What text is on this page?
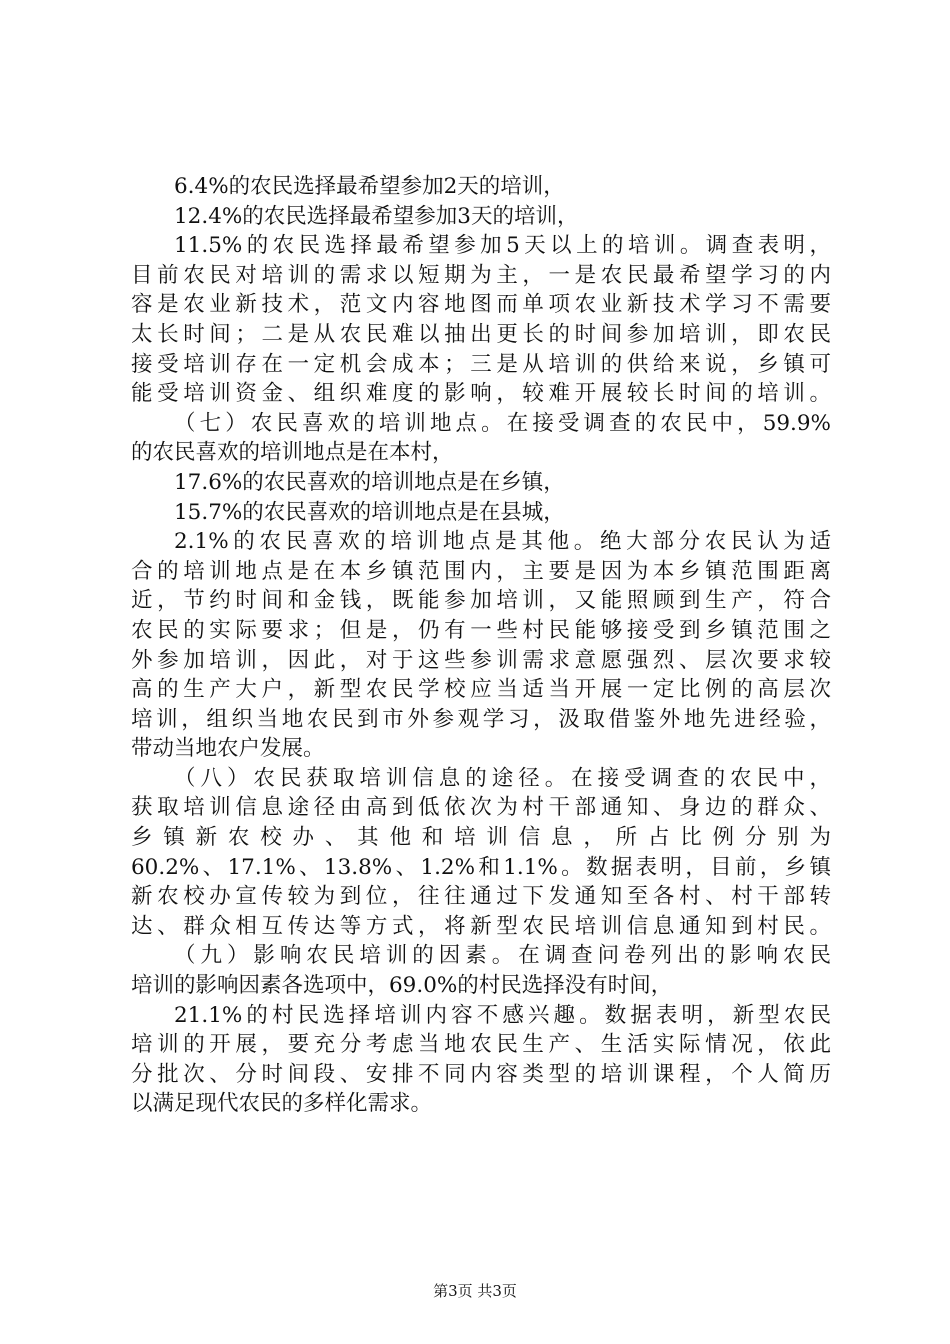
6.4%的农民选择最希望参加2天的培训，
12.4%的农民选择最希望参加3天的培训，
11.5%的农民选择最希望参加5天以上的培训。调查表明，
目前农民对培训的需求以短期为主，一是农民最希望学习的内
容是农业新技术，范文内容地图而单项农业新技术学习不需要
太长时间；二是从农民难以抽出更长的时间参加培训，即农民
接受培训存在一定机会成本；三是从培训的供给来说，乡镇可
能受培训资金、组织难度的影响，较难开展较长时间的培训。
（七）农民喜欢的培训地点。在接受调查的农民中，59.9%
的农民喜欢的培训地点是在本村，
17.6%的农民喜欢的培训地点是在乡镇，
15.7%的农民喜欢的培训地点是在县城，
2.1%的农民喜欢的培训地点是其他。绝大部分农民认为适
合的培训地点是在本乡镇范围内，主要是因为本乡镇范围距离
近，节约时间和金钱，既能参加培训，又能照顾到生产，符合
农民的实际要求；但是，仍有一些村民能够接受到乡镇范围之
外参加培训，因此，对于这些参训需求意愿强烈、层次要求较
高的生产大户，新型农民学校应当适当开展一定比例的高层次
培训，组织当地农民到市外参观学习，汲取借鉴外地先进经验，
带动当地农户发展。
（八）农民获取培训信息的途径。在接受调查的农民中，
获取培训信息途径由高到低依次为村干部通知、身边的群众、
乡镇新农校办、其他和培训信息，所占比例分别为
60.2%、17.1%、13.8%、1.2%和1.1%。数据表明，目前，乡镇
新农校办宣传较为到位，往往通过下发通知至各村、村干部转
达、群众相互传达等方式，将新型农民培训信息通知到村民。
（九）影响农民培训的因素。在调查问卷列出的影响农民
培训的影响因素各选项中，69.0%的村民选择没有时间，
21.1%的村民选择培训内容不感兴趣。数据表明，新型农民
培训的开展，要充分考虑当地农民生产、生活实际情况，依此
分批次、分时间段、安排不同内容类型的培训课程，个人简历
以满足现代农民的多样化需求。
第3页 共3页
